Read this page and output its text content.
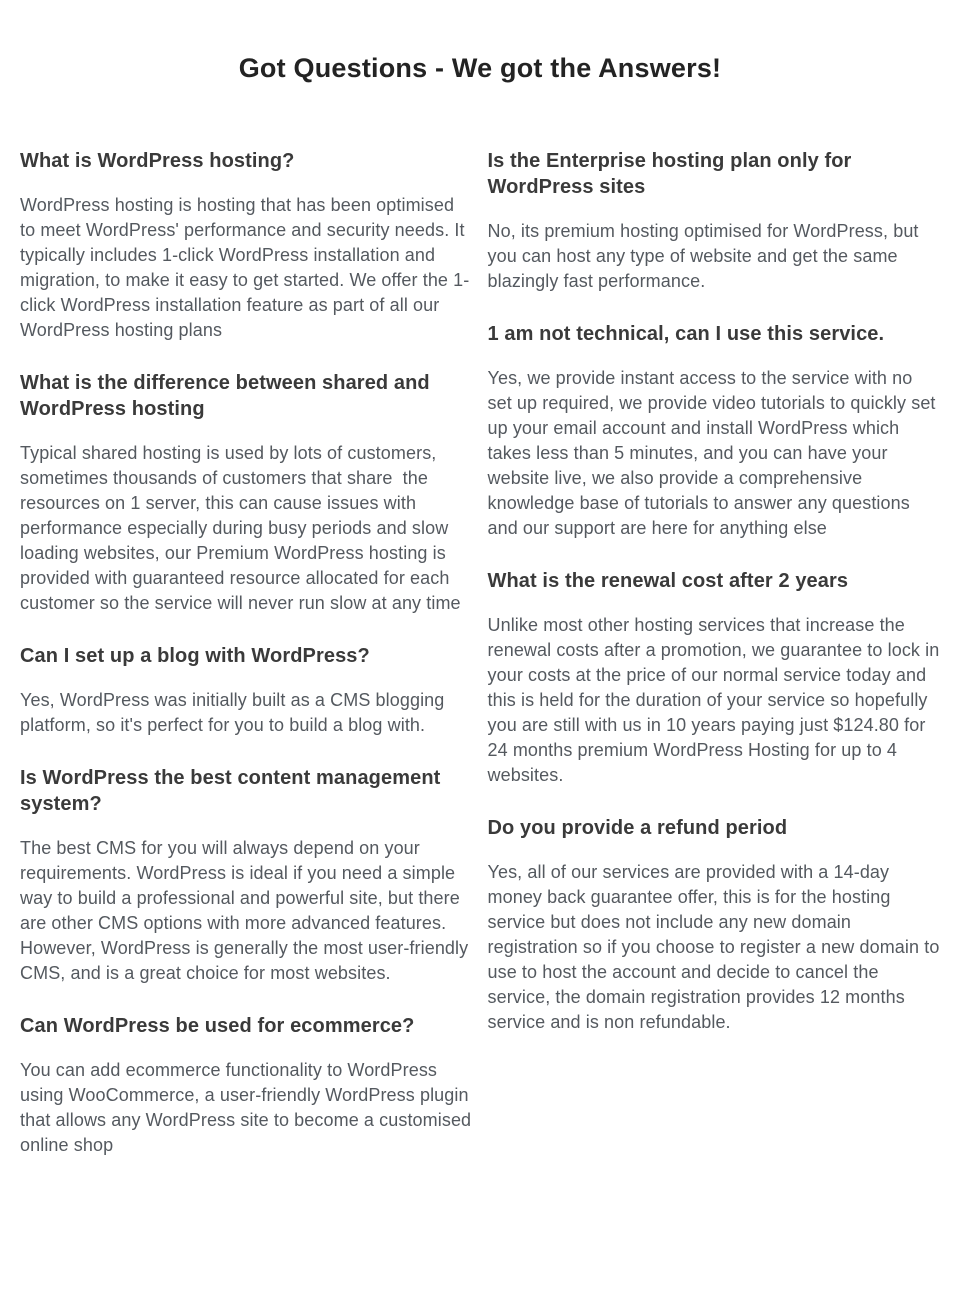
Got Questions - We got the Answers!
What is WordPress hosting?

WordPress hosting is hosting that has been optimised to meet WordPress' performance and security needs. It typically includes 1-click WordPress installation and migration, to make it easy to get started. We offer the 1-click WordPress installation feature as part of all our WordPress hosting plans

What is the difference between shared and WordPress hosting

Typical shared hosting is used by lots of customers, sometimes thousands of customers that share  the resources on 1 server, this can cause issues with performance especially during busy periods and slow loading websites, our Premium WordPress hosting is provided with guaranteed resource allocated for each customer so the service will never run slow at any time

Can I set up a blog with WordPress?

Yes, WordPress was initially built as a CMS blogging platform, so it's perfect for you to build a blog with.

Is WordPress the best content management system?

The best CMS for you will always depend on your requirements. WordPress is ideal if you need a simple way to build a professional and powerful site, but there are other CMS options with more advanced features. However, WordPress is generally the most user-friendly CMS, and is a great choice for most websites.

Can WordPress be used for ecommerce?

You can add ecommerce functionality to WordPress using WooCommerce, a user-friendly WordPress plugin that allows any WordPress site to become a customised online shop

Is the Enterprise hosting plan only for WordPress sites

No, its premium hosting optimised for WordPress, but you can host any type of website and get the same blazingly fast performance.

1 am not technical, can I use this service.

Yes, we provide instant access to the service with no set up required, we provide video tutorials to quickly set up your email account and install WordPress which takes less than 5 minutes, and you can have your website live, we also provide a comprehensive knowledge base of tutorials to answer any questions and our support are here for anything else

What is the renewal cost after 2 years

Unlike most other hosting services that increase the renewal costs after a promotion, we guarantee to lock in your costs at the price of our normal service today and this is held for the duration of your service so hopefully you are still with us in 10 years paying just $124.80 for 24 months premium WordPress Hosting for up to 4 websites.

Do you provide a refund period

Yes, all of our services are provided with a 14-day money back guarantee offer, this is for the hosting service but does not include any new domain registration so if you choose to register a new domain to use to host the account and decide to cancel the service, the domain registration provides 12 months service and is non refundable.
